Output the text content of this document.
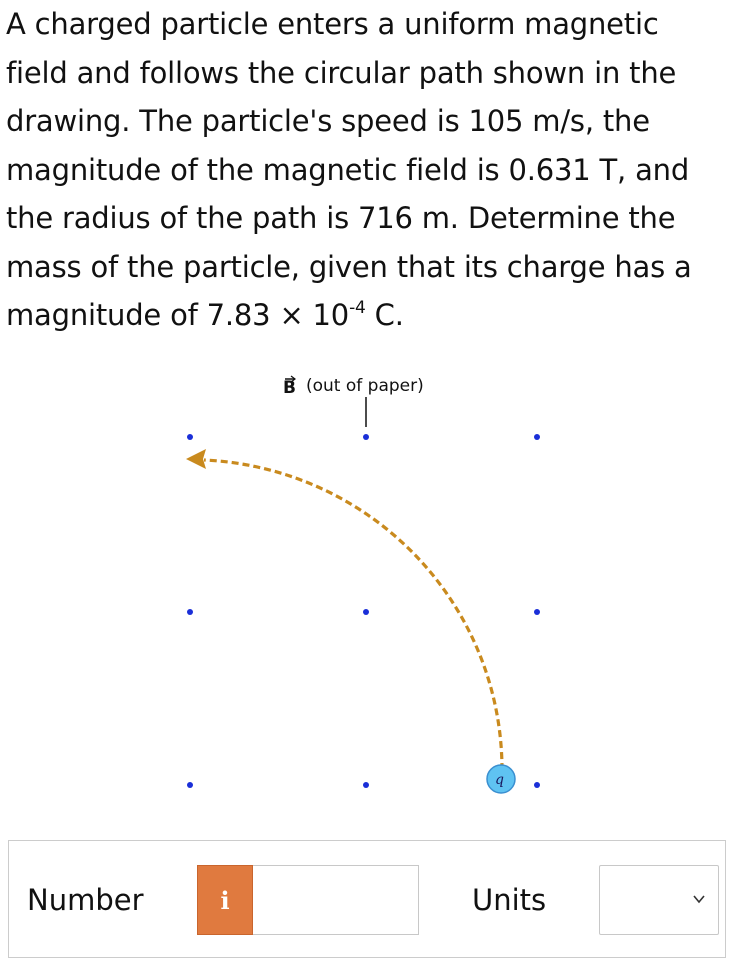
A charged particle enters a uniform magnetic field and follows the circular path shown in the drawing. The particle's speed is 105 m/s, the magnitude of the magnetic field is 0.631 T, and the radius of the path is 716 m. Determine the mass of the particle, given that its charge has a magnitude of $7.83 \times 10^{-4}$ C.

B (out of paper)
q
Number	i	Units
